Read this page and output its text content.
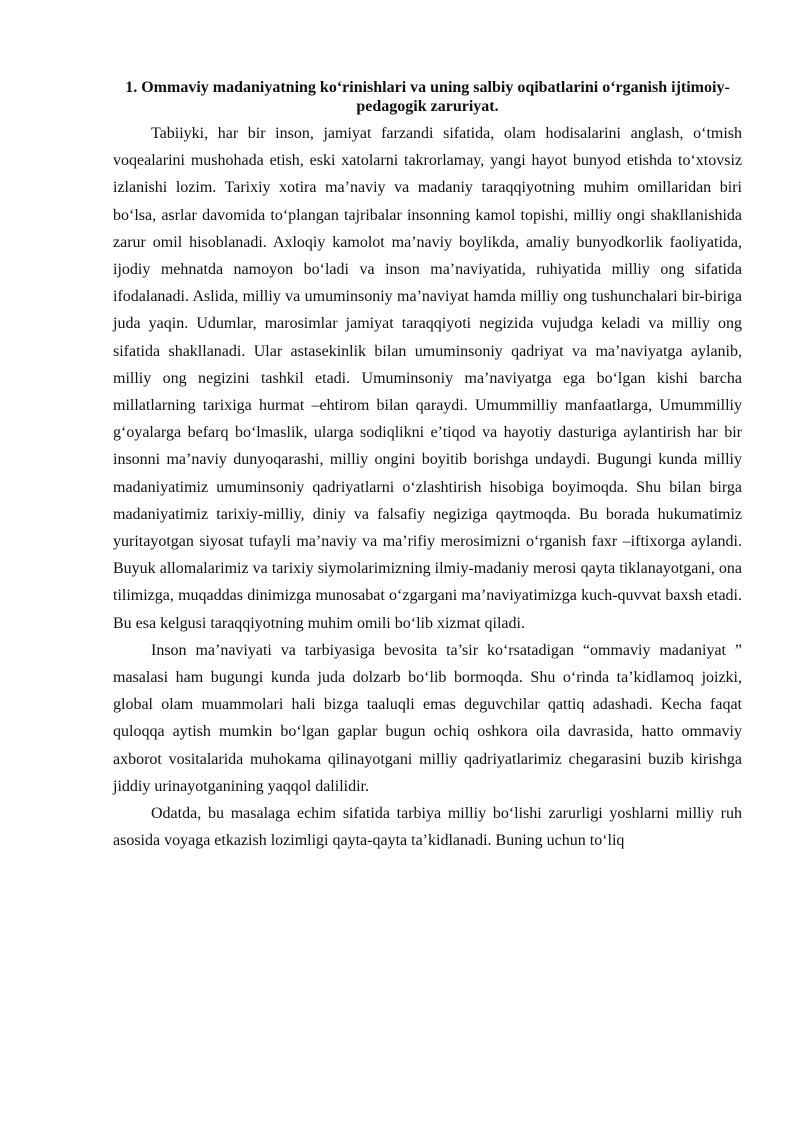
1. Ommaviy madaniyatning ko‘rinishlari va uning salbiy oqibatlarini o‘rganish ijtimoiy-pedagogik zaruriyat.

Tabiiyki, har bir inson, jamiyat farzandi sifatida, olam hodisalarini anglash, o‘tmish voqealarini mushohada etish, eski xatolarni takrorlamay, yangi hayot bunyod etishda to‘xtovsiz izlanishi lozim. Tarixiy xotira ma’naviy va madaniy taraqqiyotning muhim omillaridan biri bo‘lsa, asrlar davomida to‘plangan tajribalar insonning kamol topishi, milliy ongi shakllanishida zarur omil hisoblanadi. Axloqiy kamolot ma’naviy boylikda, amaliy bunyodkorlik faoliyatida, ijodiy mehnatda namoyon bo‘ladi va inson ma’naviyatida, ruhiyatida milliy ong sifatida ifodalanadi. Aslida, milliy va umuminsoniy ma’naviyat hamda milliy ong tushunchalari bir-biriga juda yaqin. Udumlar, marosimlar jamiyat taraqqiyoti negizida vujudga keladi va milliy ong sifatida shakllanadi. Ular astasekinlik bilan umuminsoniy qadriyat va ma’naviyatga aylanib, milliy ong negizini tashkil etadi. Umuminsoniy ma’naviyatga ega bo‘lgan kishi barcha millatlarning tarixiga hurmat –ehtirom bilan qaraydi. Umummilliy manfaatlarga, Umummilliy g‘oyalarga befarq bo‘lmaslik, ularga sodiqlikni e’tiqod va hayotiy dasturiga aylantirish har bir insonni ma’naviy dunyoqarashi, milliy ongini boyitib borishga undaydi. Bugungi kunda milliy madaniyatimiz umuminsoniy qadriyatlarni o‘zlashtirish hisobiga boyimoqda. Shu bilan birga madaniyatimiz tarixiy-milliy, diniy va falsafiy negiziga qaytmoqda. Bu borada hukumatimiz yuritayotgan siyosat tufayli ma’naviy va ma’rifiy merosimizni o‘rganish faxr –iftixorga aylandi. Buyuk allomalarimiz va tarixiy siymolarimizning ilmiy-madaniy merosi qayta tiklanayotgani, ona tilimizga, muqaddas dinimizga munosabat o‘zgargani ma’naviyatimizga kuch-quvvat baxsh etadi. Bu esa kelgusi taraqqiyotning muhim omili bo‘lib xizmat qiladi.

Inson ma’naviyati va tarbiyasiga bevosita ta’sir ko‘rsatadigan “ommaviy madaniyat ” masalasi ham bugungi kunda juda dolzarb bo‘lib bormoqda. Shu o‘rinda ta’kidlamoq joizki, global olam muammolari hali bizga taaluqli emas deguvchilar qattiq adashadi. Kecha faqat quloqqa aytish mumkin bo‘lgan gaplar bugun ochiq oshkora oila davrasida, hatto ommaviy axborot vositalarida muhokama qilinayotgani milliy qadriyatlarimiz chegarasini buzib kirishga jiddiy urinayotganining yaqqol dalilidir.

Odatda, bu masalaga echim sifatida tarbiya milliy bo‘lishi zarurligi yoshlarni milliy ruh asosida voyaga etkazish lozimligi qayta-qayta ta’kidlanadi. Buning uchun to‘liq
